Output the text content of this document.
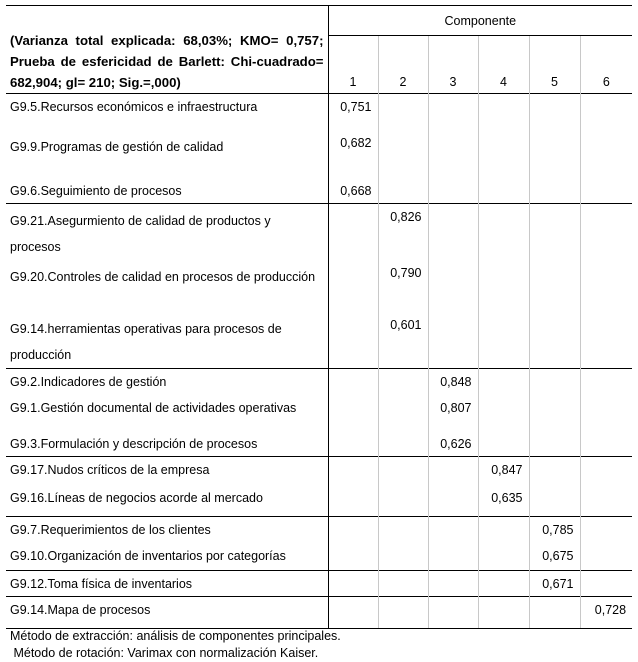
(Varianza total explicada: 68,03%; KMO= 0,757; Prueba de esfericidad de Barlett: Chi-cuadrado= 682,904; gl= 210; Sig.=,000)	Componente					
	1	2	3	4	5	6
G9.5.Recursos económicos e infraestructura	0,751					
G9.9.Programas de gestión de calidad	0,682					
G9.6.Seguimiento de procesos	0,668					
G9.21.Asegurmiento de calidad de productos y procesos		0,826				
G9.20.Controles de calidad en procesos de producción		0,790				
G9.14.herramientas operativas para procesos de producción		0,601				
G9.2.Indicadores de gestión			0,848			
G9.1.Gestión documental de actividades operativas			0,807			
G9.3.Formulación y descripción de procesos			0,626			
G9.17.Nudos críticos de la empresa				0,847		
G9.16.Líneas de negocios acorde al mercado				0,635		
G9.7.Requerimientos de los clientes					0,785	
G9.10.Organización de inventarios por categorías					0,675	
G9.12.Toma física de inventarios					0,671	
G9.14.Mapa de procesos						0,728
Método de extracción: análisis de componentes principales.
Método de rotación: Varimax con normalización Kaiser.
